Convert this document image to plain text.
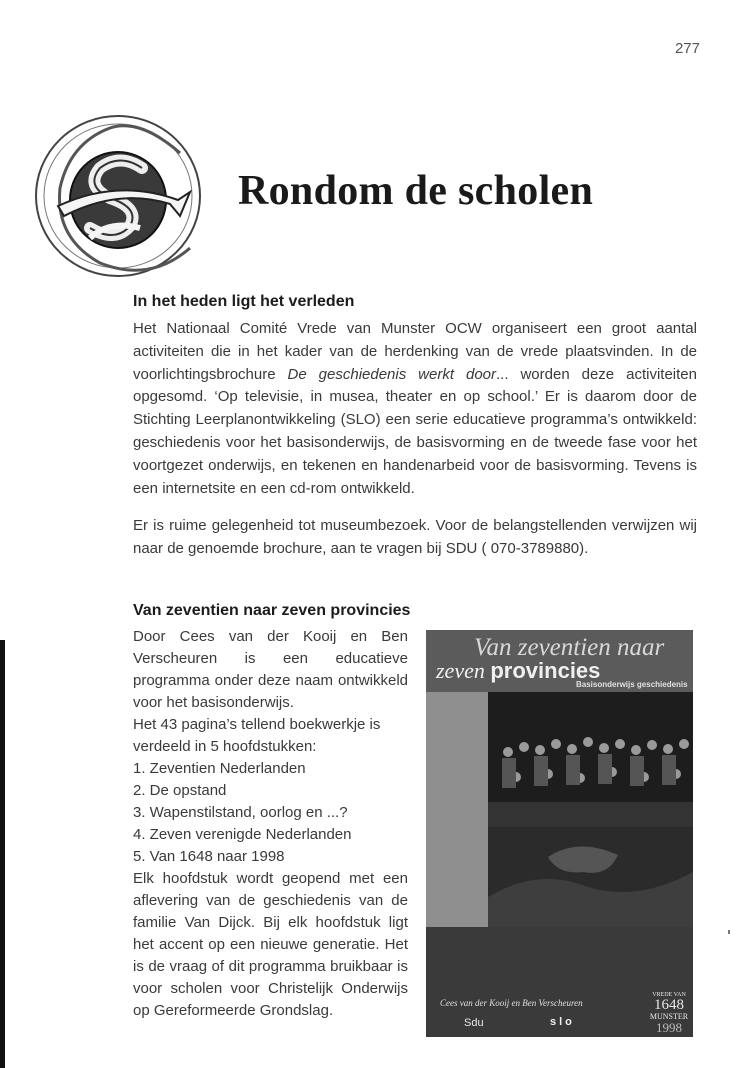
277
Rondom de scholen
In het heden ligt het verleden
Het Nationaal Comité Vrede van Munster OCW organiseert een groot aantal activiteiten die in het kader van de herdenking van de vrede plaatsvinden. In de voorlichtingsbrochure De geschiedenis werkt door... worden deze activiteiten opgesomd. ‘Op televisie, in musea, theater en op school.’ Er is daarom door de Stichting Leerplanontwikkeling (SLO) een serie educatieve programma’s ontwikkeld: geschiedenis voor het basisonderwijs, de basisvorming en de tweede fase voor het voortgezet onderwijs, en tekenen en handenarbeid voor de basisvorming. Tevens is een internetsite en een cd-rom ontwikkeld.
Er is ruime gelegenheid tot museumbezoek. Voor de belangstellenden verwijzen wij naar de genoemde brochure, aan te vragen bij SDU ( 070-3789880).
Van zeventien naar zeven provincies
Door Cees van der Kooij en Ben Verscheuren is een educatieve programma onder deze naam ontwikkeld voor het basisonderwijs.
Het 43 pagina’s tellend boekwerkje is verdeeld in 5 hoofdstukken:
1. Zeventien Nederlanden
2. De opstand
3. Wapenstilstand, oorlog en ...?
4. Zeven verenigde Nederlanden
5. Van 1648 naar 1998
Elk hoofdstuk wordt geopend met een aflevering van de geschiedenis van de familie Van Dijck. Bij elk hoofdstuk ligt het accent op een nieuwe generatie. Het is de vraag of dit programma bruikbaar is voor scholen voor Christelijk Onderwijs op Gereformeerde Grondslag.
Van zeventien naar
zeven provincies
Basisonderwijs geschiedenis
Cees van der Kooij en Ben Verscheuren
Sdu	slo
VREDE VAN
1648
MUNSTER
1998
